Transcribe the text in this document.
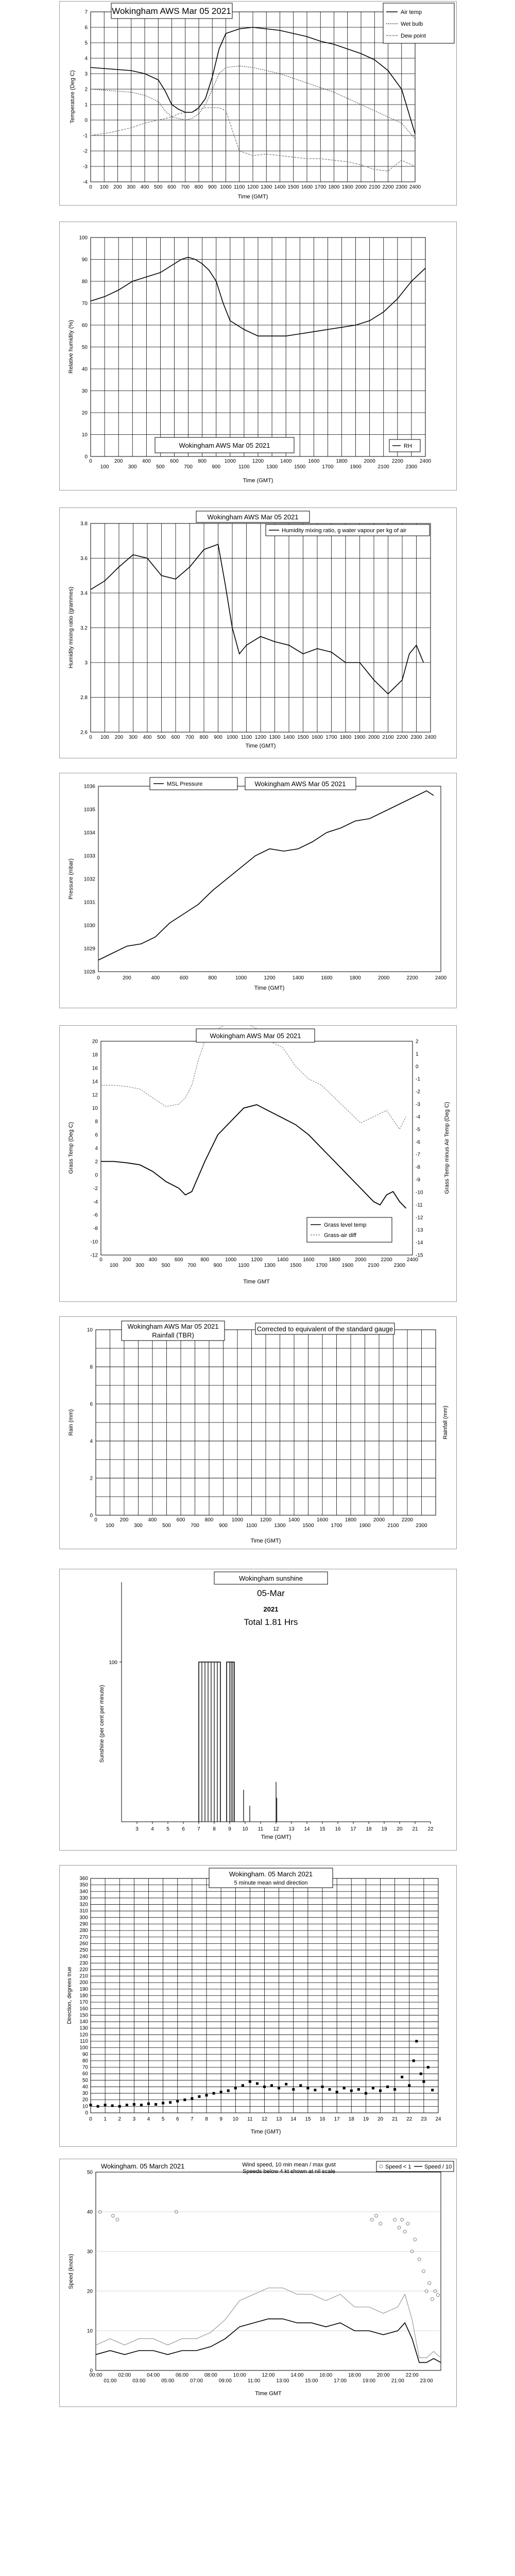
7
6
5
4
3
2
1
0
-1
-2
-3
-4
0 100 200 300 400 500 600 700 800 900 1000 1100 1200 1300 1400 1500 1600 1700 1800 1900 2000 2100 2200 2300 2400
Time (GMT)
Temperature (Deg C)
Wokingham AWS Mar 05 2021	Air temp
Wet bulb
Dew point
100
90
80
70
60
50
40
30
20
10
0
0	200	400	600	800	1000	1200	1400	1600	1800	2000	2200	2400
100	300	500	700	900	1100	1300	1500	1700	1900	2100	2300
Time (GMT)
Relative humidity (%)
Wokingham AWS Mar 05 2021	RH
3.8
3.6
3.4
3.2
3
2.8
2.6
0 100 200 300 400 500 600 700 800 900 1000 1100 1200 1300 1400 1500 1600 1700 1800 1900 2000 2100 2200 2300 2400
Time (GMT)
Humidity mixing ratio (grammes)
Wokingham AWS Mar 05 2021
Humidity mixing ratio, g water vapour per kg of air
1036
1035
1034
1033
1032
1031
1030
1029
1028
0	200	400	600	800	1000	1200	1400	1600	1800	2000	2200	2400
Time (GMT)
Pressure (mbar)
MSL Pressure	Wokingham AWS Mar 05 2021
20
18
16
14
12
10
8
6
4
2
0
-2
-4
-6
-8
-10
-12
2
1
0
-1
-2
-3
-4
-5
-6
-7
-8
-9
-10
-11
-12
-13
-14
-15
0	200	400	600	800	1000	1200	1400	1600	1800	2000	2200	2400
100	300	500	700	900	1100	1300	1500	1700	1900	2100	2300
Time GMT
Grass Temp (Deg C)	Grass Temp minus Air Temp (Deg C)
Wokingham AWS Mar 05 2021
Grass level temp
Grass-air diff
10
8
6
4
2
0
0	200	400	600	800	1000	1200	1400	1600	1800	2000	2200
100	300	500	700	900	1100	1300	1500	1700	1900	2100	2300
Time (GMT)
Rain (mm)	Rainfall (mm)
Wokingham AWS Mar 05 2021
Rainfall (TBR)
Corrected to equivalent of the standard gauge
100
3 4 5 6 7 8 9 10 11 12 13 14 15 16 17 18 19 20 21 22
Time (GMT)
Sunshine (per cent per minute)
Wokingham sunshine
05-Mar
2021
Total 1.81 Hrs
360
350
340
330
320
310
300
290
280
270
260
250
240
230
220
210
200
190
180
170
160
150
140
130
120
110
100
90
80
70
60
50
40
30
20
10
0
0 1 2 3 4 5 6 7 8 9 10 11 12 13 14 15 16 17 18 19 20 21 22 23 24
Time (GMT)
Direction, degrees true
Wokingham. 05 March 2021
5 minute mean wind direction
50
40
30
20
10
0
00:00	02:00	04:00	06:00	08:00	10:00	12:00	14:00	16:00	18:00	20:00	22:00
01:00	03:00	05:00	07:00	09:00	11:00	13:00	15:00	17:00	19:00	21:00	23:00
Time GMT
Speed (knots)
Wokingham. 05 March 2021	Wind speed, 10 min mean / max gust
Speeds below 4 kt shown at nil scale
Speed < 1 Speed / 10
